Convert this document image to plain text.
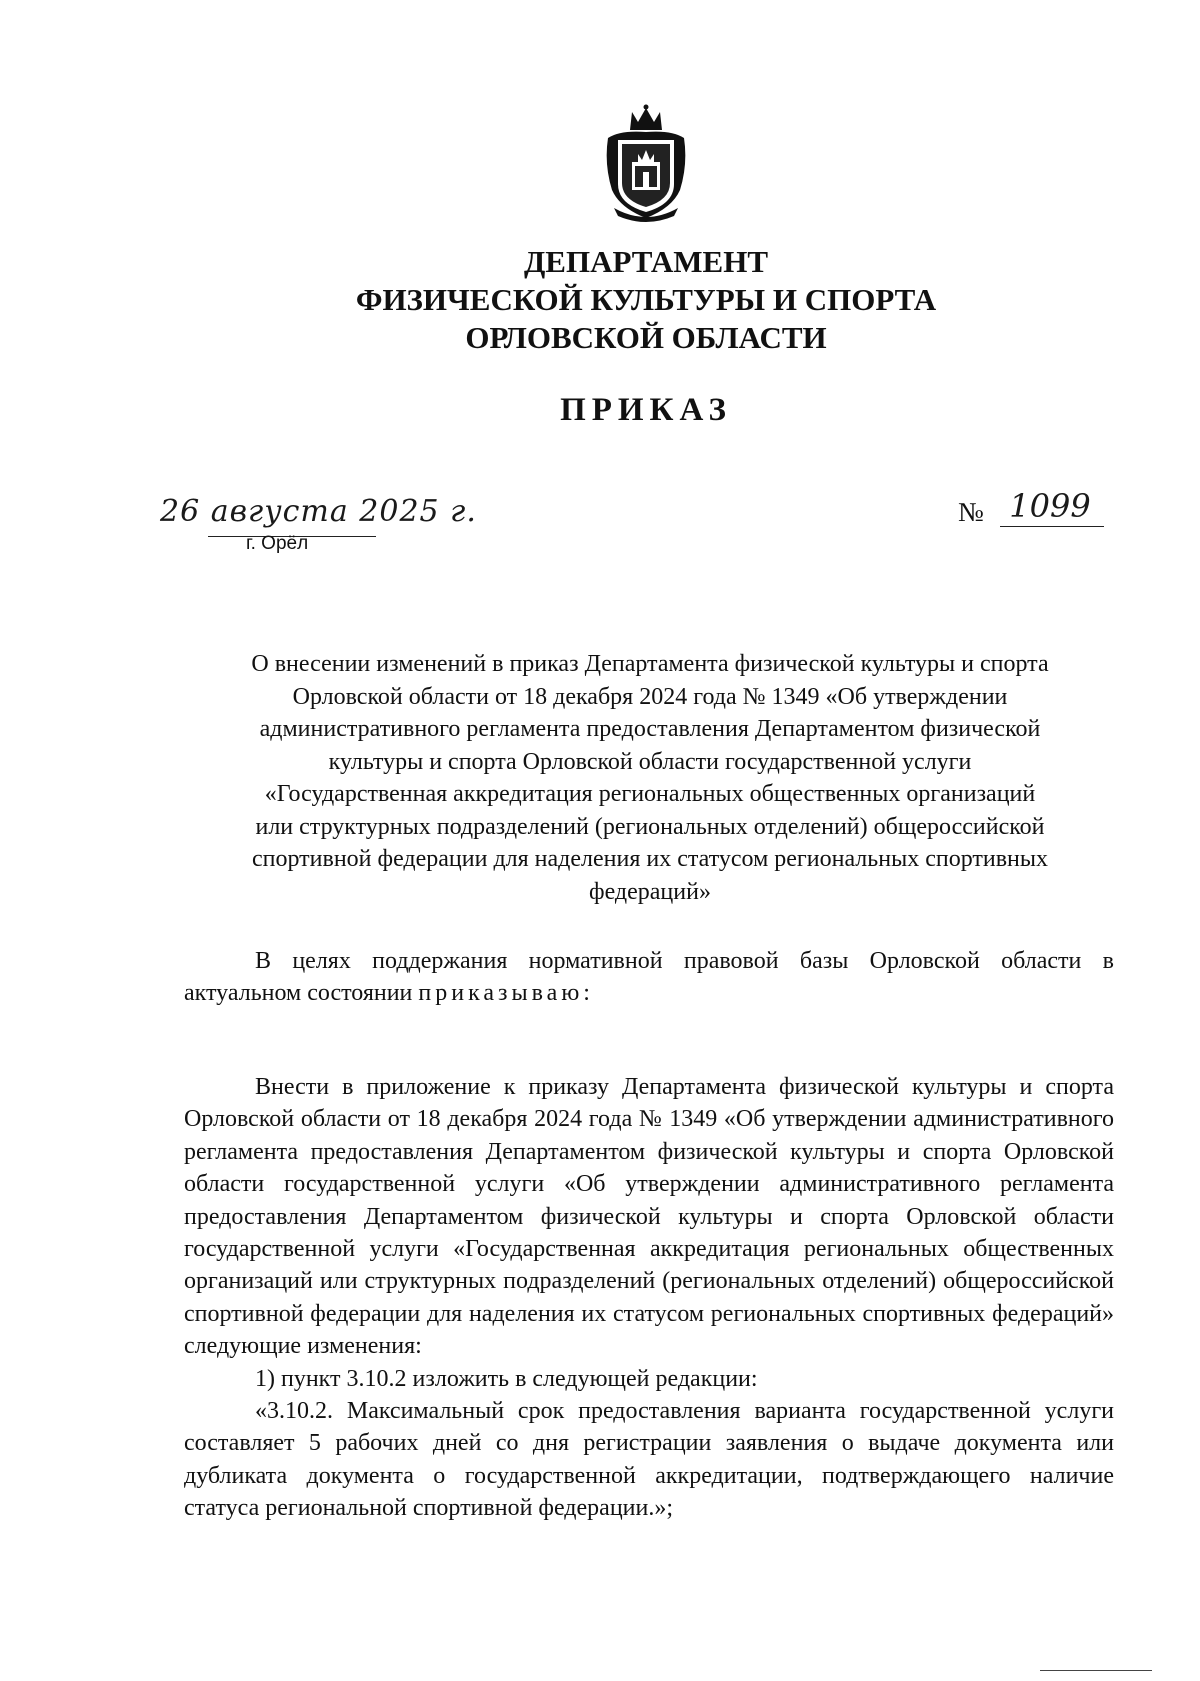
ДЕПАРТАМЕНТ
ФИЗИЧЕСКОЙ КУЛЬТУРЫ И СПОРТА
ОРЛОВСКОЙ ОБЛАСТИ
ПРИКАЗ
26 августа 2025 г.
г. Орёл
№ 1099
О внесении изменений в приказ Департамента физической культуры и спорта
Орловской области от 18 декабря 2024 года № 1349 «Об утверждении
административного регламента предоставления Департаментом физической
культуры и спорта Орловской области государственной услуги
«Государственная аккредитация региональных общественных организаций
или структурных подразделений (региональных отделений) общероссийской
спортивной федерации для наделения их статусом региональных спортивных
федераций»

В целях поддержания нормативной правовой базы Орловской области в актуальном состоянии приказываю:

Внести в приложение к приказу Департамента физической культуры и спорта Орловской области от 18 декабря 2024 года № 1349 «Об утверждении административного регламента предоставления Департаментом физической культуры и спорта Орловской области государственной услуги «Об утверждении административного регламента предоставления Департаментом физической культуры и спорта Орловской области государственной услуги «Государственная аккредитация региональных общественных организаций или структурных подразделений (региональных отделений) общероссийской спортивной федерации для наделения их статусом региональных спортивных федераций» следующие изменения:

1) пункт 3.10.2 изложить в следующей редакции:

«3.10.2. Максимальный срок предоставления варианта государственной услуги составляет 5 рабочих дней со дня регистрации заявления о выдаче документа или дубликата документа о государственной аккредитации, подтверждающего наличие статуса региональной спортивной федерации.»;
